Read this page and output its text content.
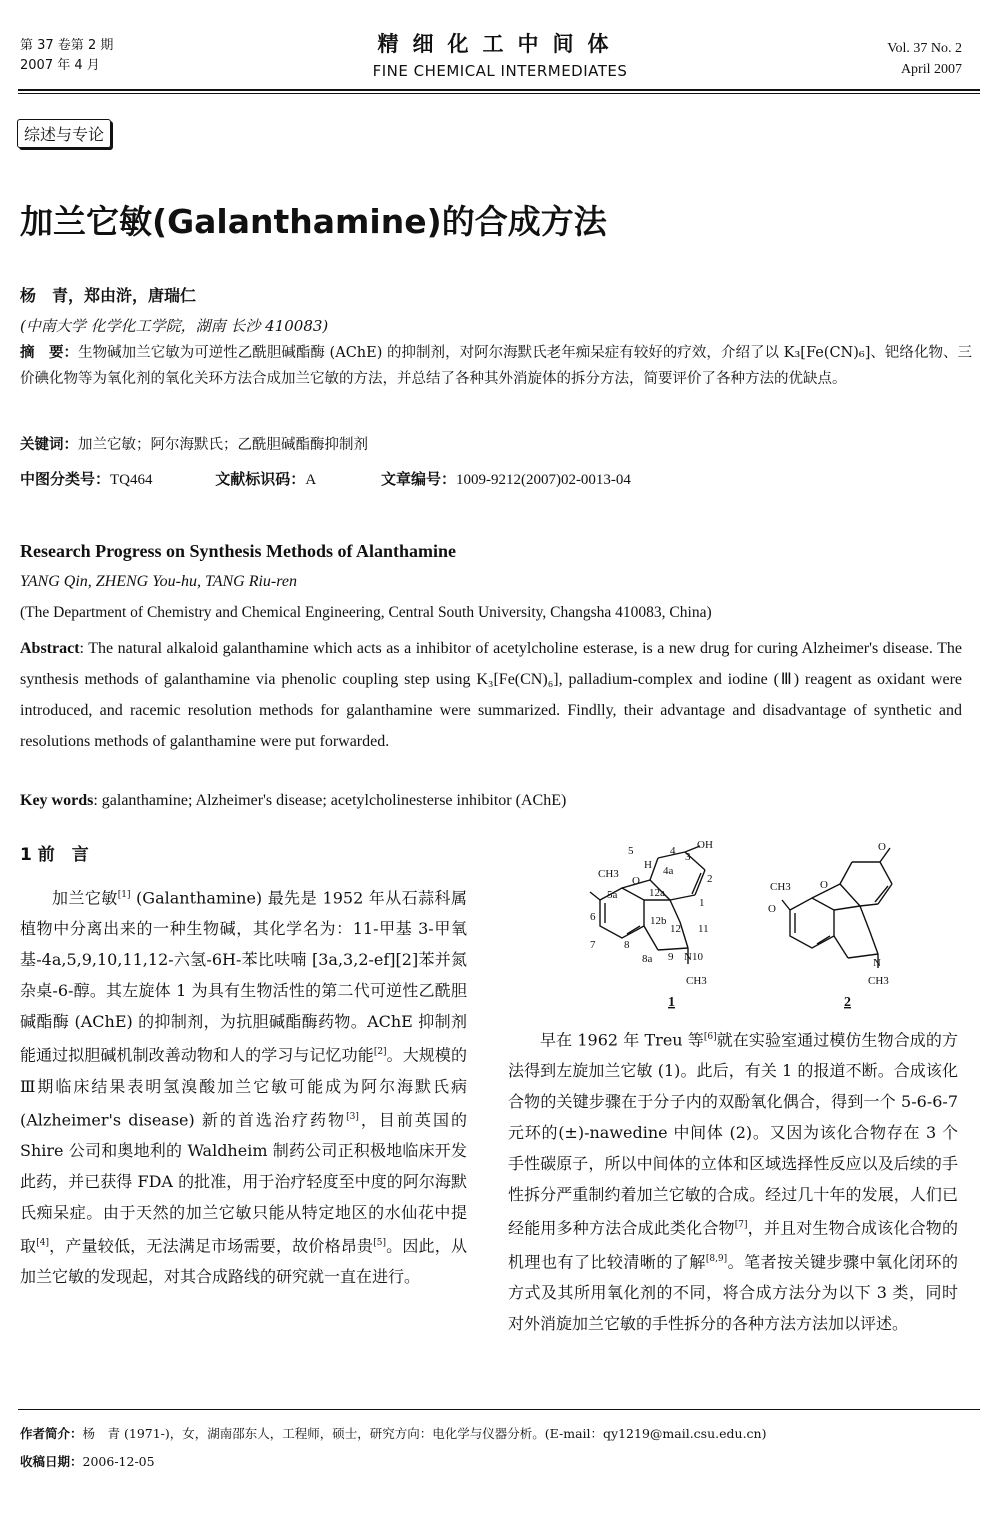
第 37 卷第 2 期
2007 年 4 月
精细化工中间体
FINE CHEMICAL INTERMEDIATES
Vol. 37 No. 2
April 2007
综述与专论
加兰它敏(Galanthamine)的合成方法
杨　青，郑由浒，唐瑞仁
(中南大学 化学化工学院，湖南 长沙 410083)
摘　要：生物碱加兰它敏为可逆性乙酰胆碱酯酶 (AChE) 的抑制剂，对阿尔海默氏老年痴呆症有较好的疗效，介绍了以 K₃[Fe(CN)₆]、钯络化物、三价碘化物等为氧化剂的氧化关环方法合成加兰它敏的方法，并总结了各种其外消旋体的拆分方法，简要评价了各种方法的优缺点。
关键词：加兰它敏；阿尔海默氏；乙酰胆碱酯酶抑制剂
中图分类号：TQ464	文献标识码：A	文章编号：1009-9212(2007)02-0013-04
Research Progress on Synthesis Methods of Alanthamine
YANG Qin, ZHENG You-hu, TANG Riu-ren
(The Department of Chemistry and Chemical Engineering, Central South University, Changsha 410083, China)
Abstract: The natural alkaloid galanthamine which acts as a inhibitor of acetylcholine esterase, is a new drug for curing Alzheimer's disease. The synthesis methods of galanthamine via phenolic coupling step using K₃[Fe(CN)₆], palladium-complex and iodine (Ⅲ) reagent as oxidant were introduced, and racemic resolution methods for galanthamine were summarized. Findlly, their advantage and disadvantage of synthetic and resolutions methods of galanthamine were put forwarded.
Key words: galanthamine; Alzheimer's disease; acetylcholinesterse inhibitor (AChE)
1 前　言
加兰它敏[1] (Galanthamine) 最先是 1952 年从石蒜科属植物中分离出来的一种生物碱，其化学名为：11-甲基 3-甲氧基-4a,5,9,10,11,12-六氢-6H-苯比呋喃 [3a,3,2-ef][2]苯并氮杂桌-6-醇。其左旋体 1 为具有生物活性的第二代可逆性乙酰胆碱酯酶 (AChE) 的抑制剂，为抗胆碱酯酶药物。AChE 抑制剂能通过拟胆碱机制改善动物和人的学习与记忆功能[2]。大规模的Ⅲ期临床结果表明氢溴酸加兰它敏可能成为阿尔海默氏病 (Alzheimer's disease) 新的首选治疗药物[3]，目前英国的 Shire 公司和奥地利的 Waldheim 制药公司正积极地临床开发此药，并已获得 FDA 的批准，用于治疗轻度至中度的阿尔海默氏痴呆症。由于天然的加兰它敏只能从特定地区的水仙花中提取[4]，产量较低，无法满足市场需要，故价格昂贵[5]。因此，从加兰它敏的发现起，对其合成路线的研究就一直在进行。
OH
H
5	3
4
4a
2
CH3
O
5a	12a
1
6	12b
12 11
7	8
8a 9 N10
CH3
1
O
CH3	O
O
N
CH3
2
早在 1962 年 Treu 等[6]就在实验室通过模仿生物合成的方法得到左旋加兰它敏 (1)。此后，有关 1 的报道不断。合成该化合物的关键步骤在于分子内的双酚氧化偶合，得到一个 5-6-6-7 元环的(±)-nawedine 中间体 (2)。又因为该化合物存在 3 个手性碳原子，所以中间体的立体和区域选择性反应以及后续的手性拆分严重制约着加兰它敏的合成。经过几十年的发展，人们已经能用多种方法合成此类化合物[7]，并且对生物合成该化合物的机理也有了比较清晰的了解[8,9]。笔者按关键步骤中氧化闭环的方式及其所用氧化剂的不同，将合成方法分为以下 3 类，同时对外消旋加兰它敏的手性拆分的各种方法方法加以评述。
作者简介：杨　青 (1971-)，女，湖南邵东人，工程师，硕士，研究方向：电化学与仪器分析。(E-mail：qy1219@mail.csu.edu.cn)
收稿日期：2006-12-05
